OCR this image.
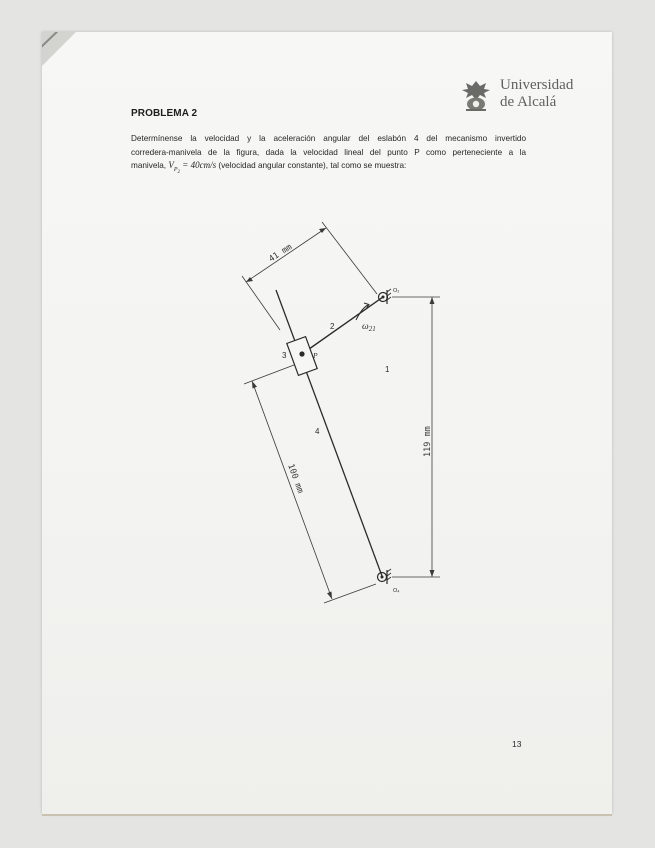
Universidad
de Alcalá
PROBLEMA 2
Determínense la velocidad y la aceleración angular del eslabón 4 del mecanismo invertido
corredera-manivela de la figura, dada la velocidad lineal del punto P como perteneciente a la
manivela, $V_{P_2} = 40cm/s$ (velocidad angular constante), tal como se muestra:
41 mm
100 mm
119 mm
2
3
4
1
P
O₂
O₄
$\omega_{21}$
13
